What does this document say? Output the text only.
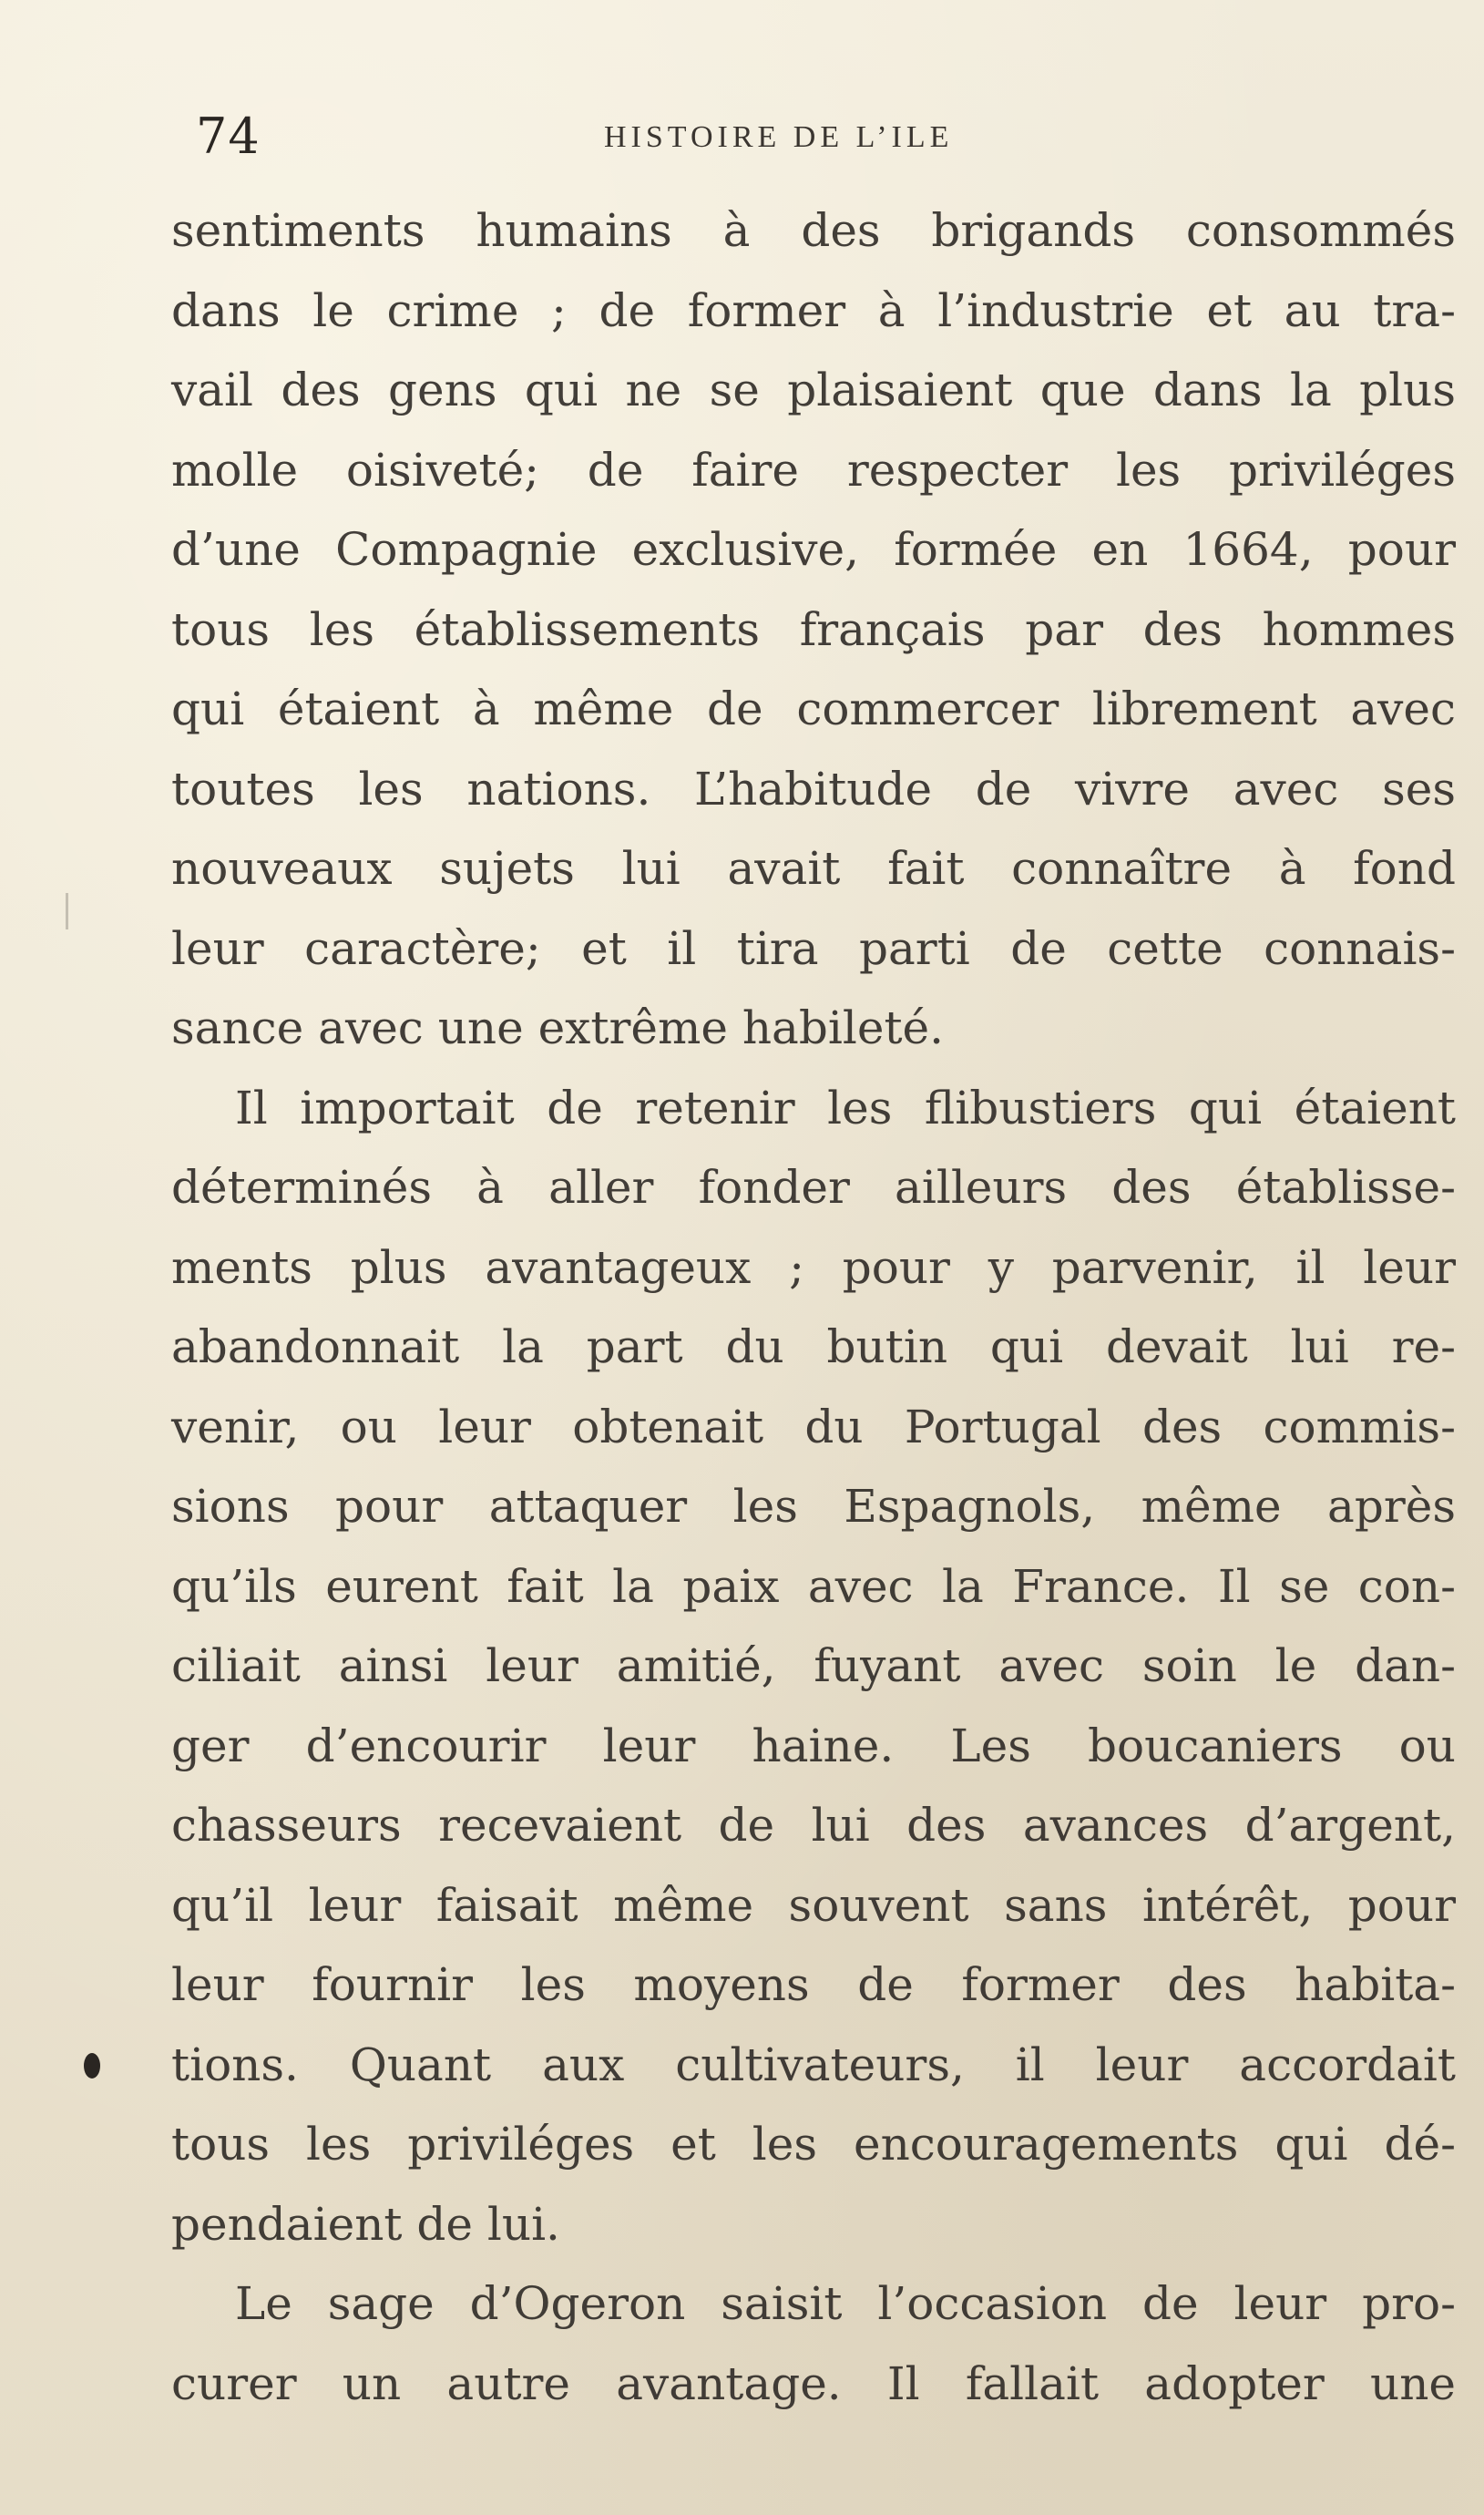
74	HISTOIRE DE L’ILE
sentiments humains à des brigands consommés
dans le crime ; de former à l’industrie et au tra-
vail des gens qui ne se plaisaient que dans la plus
molle oisiveté; de faire respecter les priviléges
d’une Compagnie exclusive, formée en 1664, pour
tous les établissements français par des hommes
qui étaient à même de commercer librement avec
toutes les nations. L’habitude de vivre avec ses
nouveaux sujets lui avait fait connaître à fond
leur caractère; et il tira parti de cette connais-
sance avec une extrême habileté.
Il importait de retenir les flibustiers qui étaient
déterminés à aller fonder ailleurs des établisse-
ments plus avantageux ; pour y parvenir, il leur
abandonnait la part du butin qui devait lui re-
venir, ou leur obtenait du Portugal des commis-
sions pour attaquer les Espagnols, même après
qu’ils eurent fait la paix avec la France. Il se con-
ciliait ainsi leur amitié, fuyant avec soin le dan-
ger d’encourir leur haine. Les boucaniers ou
chasseurs recevaient de lui des avances d’argent,
qu’il leur faisait même souvent sans intérêt, pour
leur fournir les moyens de former des habita-
tions. Quant aux cultivateurs, il leur accordait
tous les priviléges et les encouragements qui dé-
pendaient de lui.
Le sage d’Ogeron saisit l’occasion de leur pro-
curer un autre avantage. Il fallait adopter une
